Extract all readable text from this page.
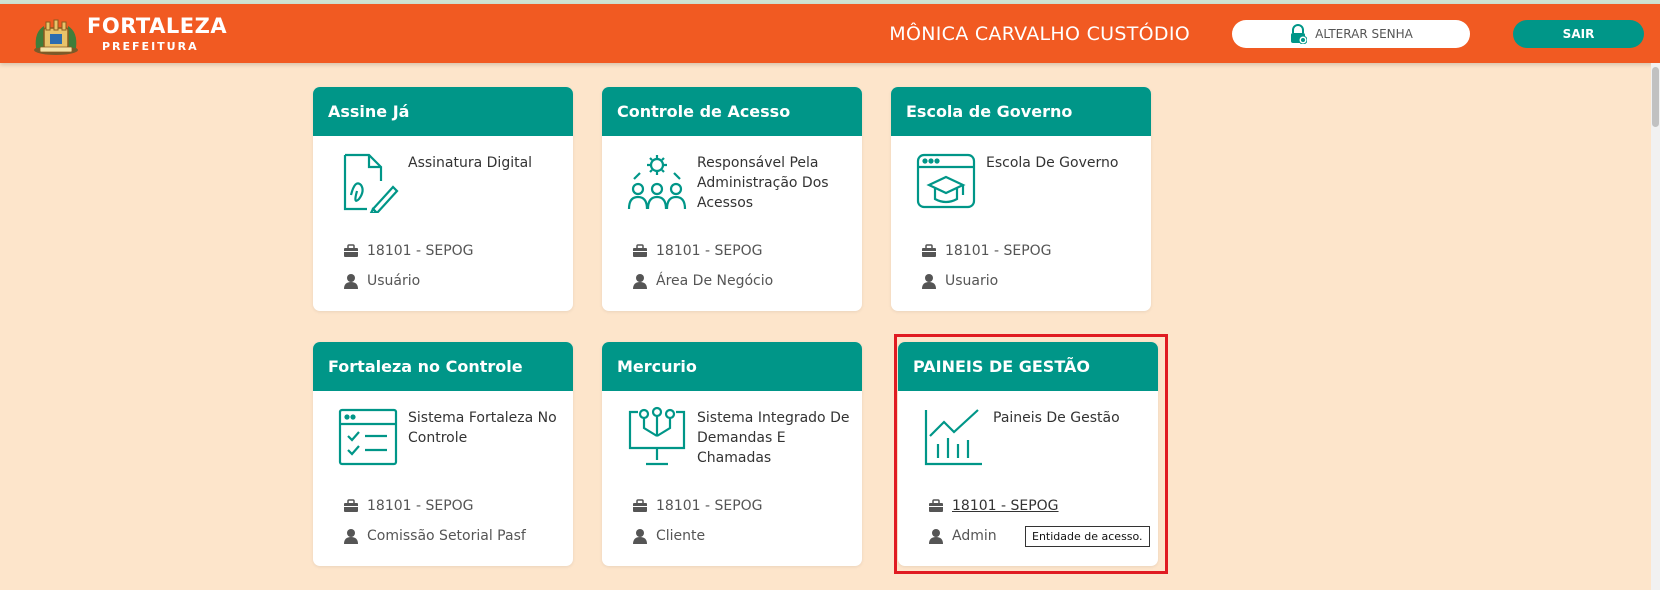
FORTALEZA
PREFEITURA
MÔNICA CARVALHO CUSTÓDIO	ALTERAR SENHA	SAIR
Assine Já
Assinatura Digital
18101 - SEPOG
Usuário
Controle de Acesso
Responsável Pela Administração Dos Acessos
18101 - SEPOG
Área De Negócio
Escola de Governo
Escola De Governo
18101 - SEPOG
Usuario
Fortaleza no Controle
Sistema Fortaleza No Controle
18101 - SEPOG
Comissão Setorial Pasf
Mercurio
Sistema Integrado De Demandas E Chamadas
18101 - SEPOG
Cliente
PAINEIS DE GESTÃO
Paineis De Gestão
18101 - SEPOG
Admin	Entidade de acesso.
